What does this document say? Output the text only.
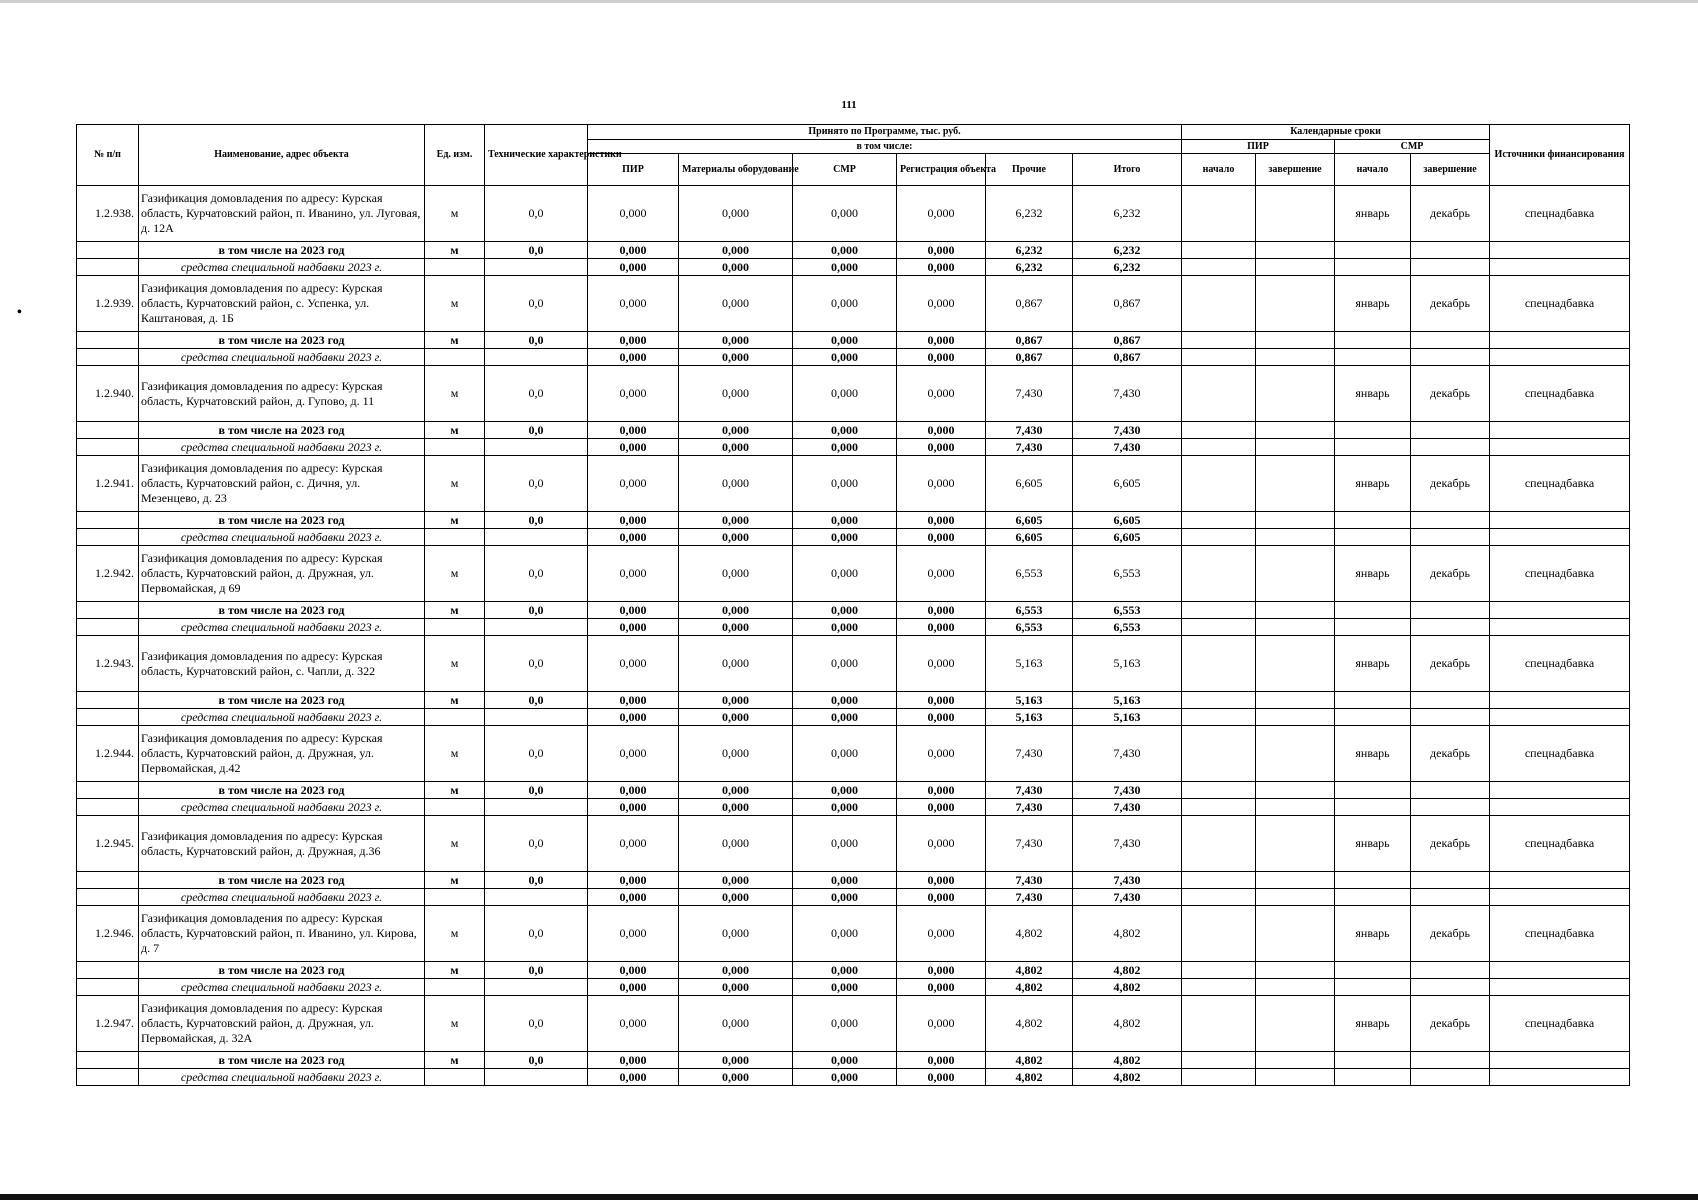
•
111
№ п/п	Наименование, адрес объекта	Ед. изм.	Технические характеристики	Принято по Программе, тыс. руб.						Календарные сроки				Источники финансирования
				в том числе:						ПИР		СМР		
				ПИР	Материалы оборудование	СМР	Регистрация объекта	Прочие	Итого	начало	завершение	начало	завершение	
1.2.938.	Газификация домовладения по адресу: Курская область, Курчатовский район, п. Иванино, ул. Луговая, д. 12А	м	0,0	0,000	0,000	0,000	0,000	6,232	6,232			январь	декабрь	спецнадбавка
	в том числе на 2023 год	м	0,0	0,000	0,000	0,000	0,000	6,232	6,232					
	средства специальной надбавки 2023 г.			0,000	0,000	0,000	0,000	6,232	6,232					
1.2.939.	Газификация домовладения по адресу: Курская область, Курчатовский район, с. Успенка, ул. Каштановая, д. 1Б	м	0,0	0,000	0,000	0,000	0,000	0,867	0,867			январь	декабрь	спецнадбавка
	в том числе на 2023 год	м	0,0	0,000	0,000	0,000	0,000	0,867	0,867					
	средства специальной надбавки 2023 г.			0,000	0,000	0,000	0,000	0,867	0,867					
1.2.940.	Газификация домовладения по адресу: Курская область, Курчатовский район, д. Гупово, д. 11	м	0,0	0,000	0,000	0,000	0,000	7,430	7,430			январь	декабрь	спецнадбавка
	в том числе на 2023 год	м	0,0	0,000	0,000	0,000	0,000	7,430	7,430					
	средства специальной надбавки 2023 г.			0,000	0,000	0,000	0,000	7,430	7,430					
1.2.941.	Газификация домовладения по адресу: Курская область, Курчатовский район, с. Дичня, ул. Мезенцево, д. 23	м	0,0	0,000	0,000	0,000	0,000	6,605	6,605			январь	декабрь	спецнадбавка
	в том числе на 2023 год	м	0,0	0,000	0,000	0,000	0,000	6,605	6,605					
	средства специальной надбавки 2023 г.			0,000	0,000	0,000	0,000	6,605	6,605					
1.2.942.	Газификация домовладения по адресу: Курская область, Курчатовский район, д. Дружная, ул. Первомайская, д 69	м	0,0	0,000	0,000	0,000	0,000	6,553	6,553			январь	декабрь	спецнадбавка
	в том числе на 2023 год	м	0,0	0,000	0,000	0,000	0,000	6,553	6,553					
	средства специальной надбавки 2023 г.			0,000	0,000	0,000	0,000	6,553	6,553					
1.2.943.	Газификация домовладения по адресу: Курская область, Курчатовский район, с. Чапли, д. 322	м	0,0	0,000	0,000	0,000	0,000	5,163	5,163			январь	декабрь	спецнадбавка
	в том числе на 2023 год	м	0,0	0,000	0,000	0,000	0,000	5,163	5,163					
	средства специальной надбавки 2023 г.			0,000	0,000	0,000	0,000	5,163	5,163					
1.2.944.	Газификация домовладения по адресу: Курская область, Курчатовский район, д. Дружная, ул. Первомайская, д.42	м	0,0	0,000	0,000	0,000	0,000	7,430	7,430			январь	декабрь	спецнадбавка
	в том числе на 2023 год	м	0,0	0,000	0,000	0,000	0,000	7,430	7,430					
	средства специальной надбавки 2023 г.			0,000	0,000	0,000	0,000	7,430	7,430					
1.2.945.	Газификация домовладения по адресу: Курская область, Курчатовский район, д. Дружная, д.36	м	0,0	0,000	0,000	0,000	0,000	7,430	7,430			январь	декабрь	спецнадбавка
	в том числе на 2023 год	м	0,0	0,000	0,000	0,000	0,000	7,430	7,430					
	средства специальной надбавки 2023 г.			0,000	0,000	0,000	0,000	7,430	7,430					
1.2.946.	Газификация домовладения по адресу: Курская область, Курчатовский район, п. Иванино, ул. Кирова, д. 7	м	0,0	0,000	0,000	0,000	0,000	4,802	4,802			январь	декабрь	спецнадбавка
	в том числе на 2023 год	м	0,0	0,000	0,000	0,000	0,000	4,802	4,802					
	средства специальной надбавки 2023 г.			0,000	0,000	0,000	0,000	4,802	4,802					
1.2.947.	Газификация домовладения по адресу: Курская область, Курчатовский район, д. Дружная, ул. Первомайская, д. 32А	м	0,0	0,000	0,000	0,000	0,000	4,802	4,802			январь	декабрь	спецнадбавка
	в том числе на 2023 год	м	0,0	0,000	0,000	0,000	0,000	4,802	4,802					
	средства специальной надбавки 2023 г.			0,000	0,000	0,000	0,000	4,802	4,802					
